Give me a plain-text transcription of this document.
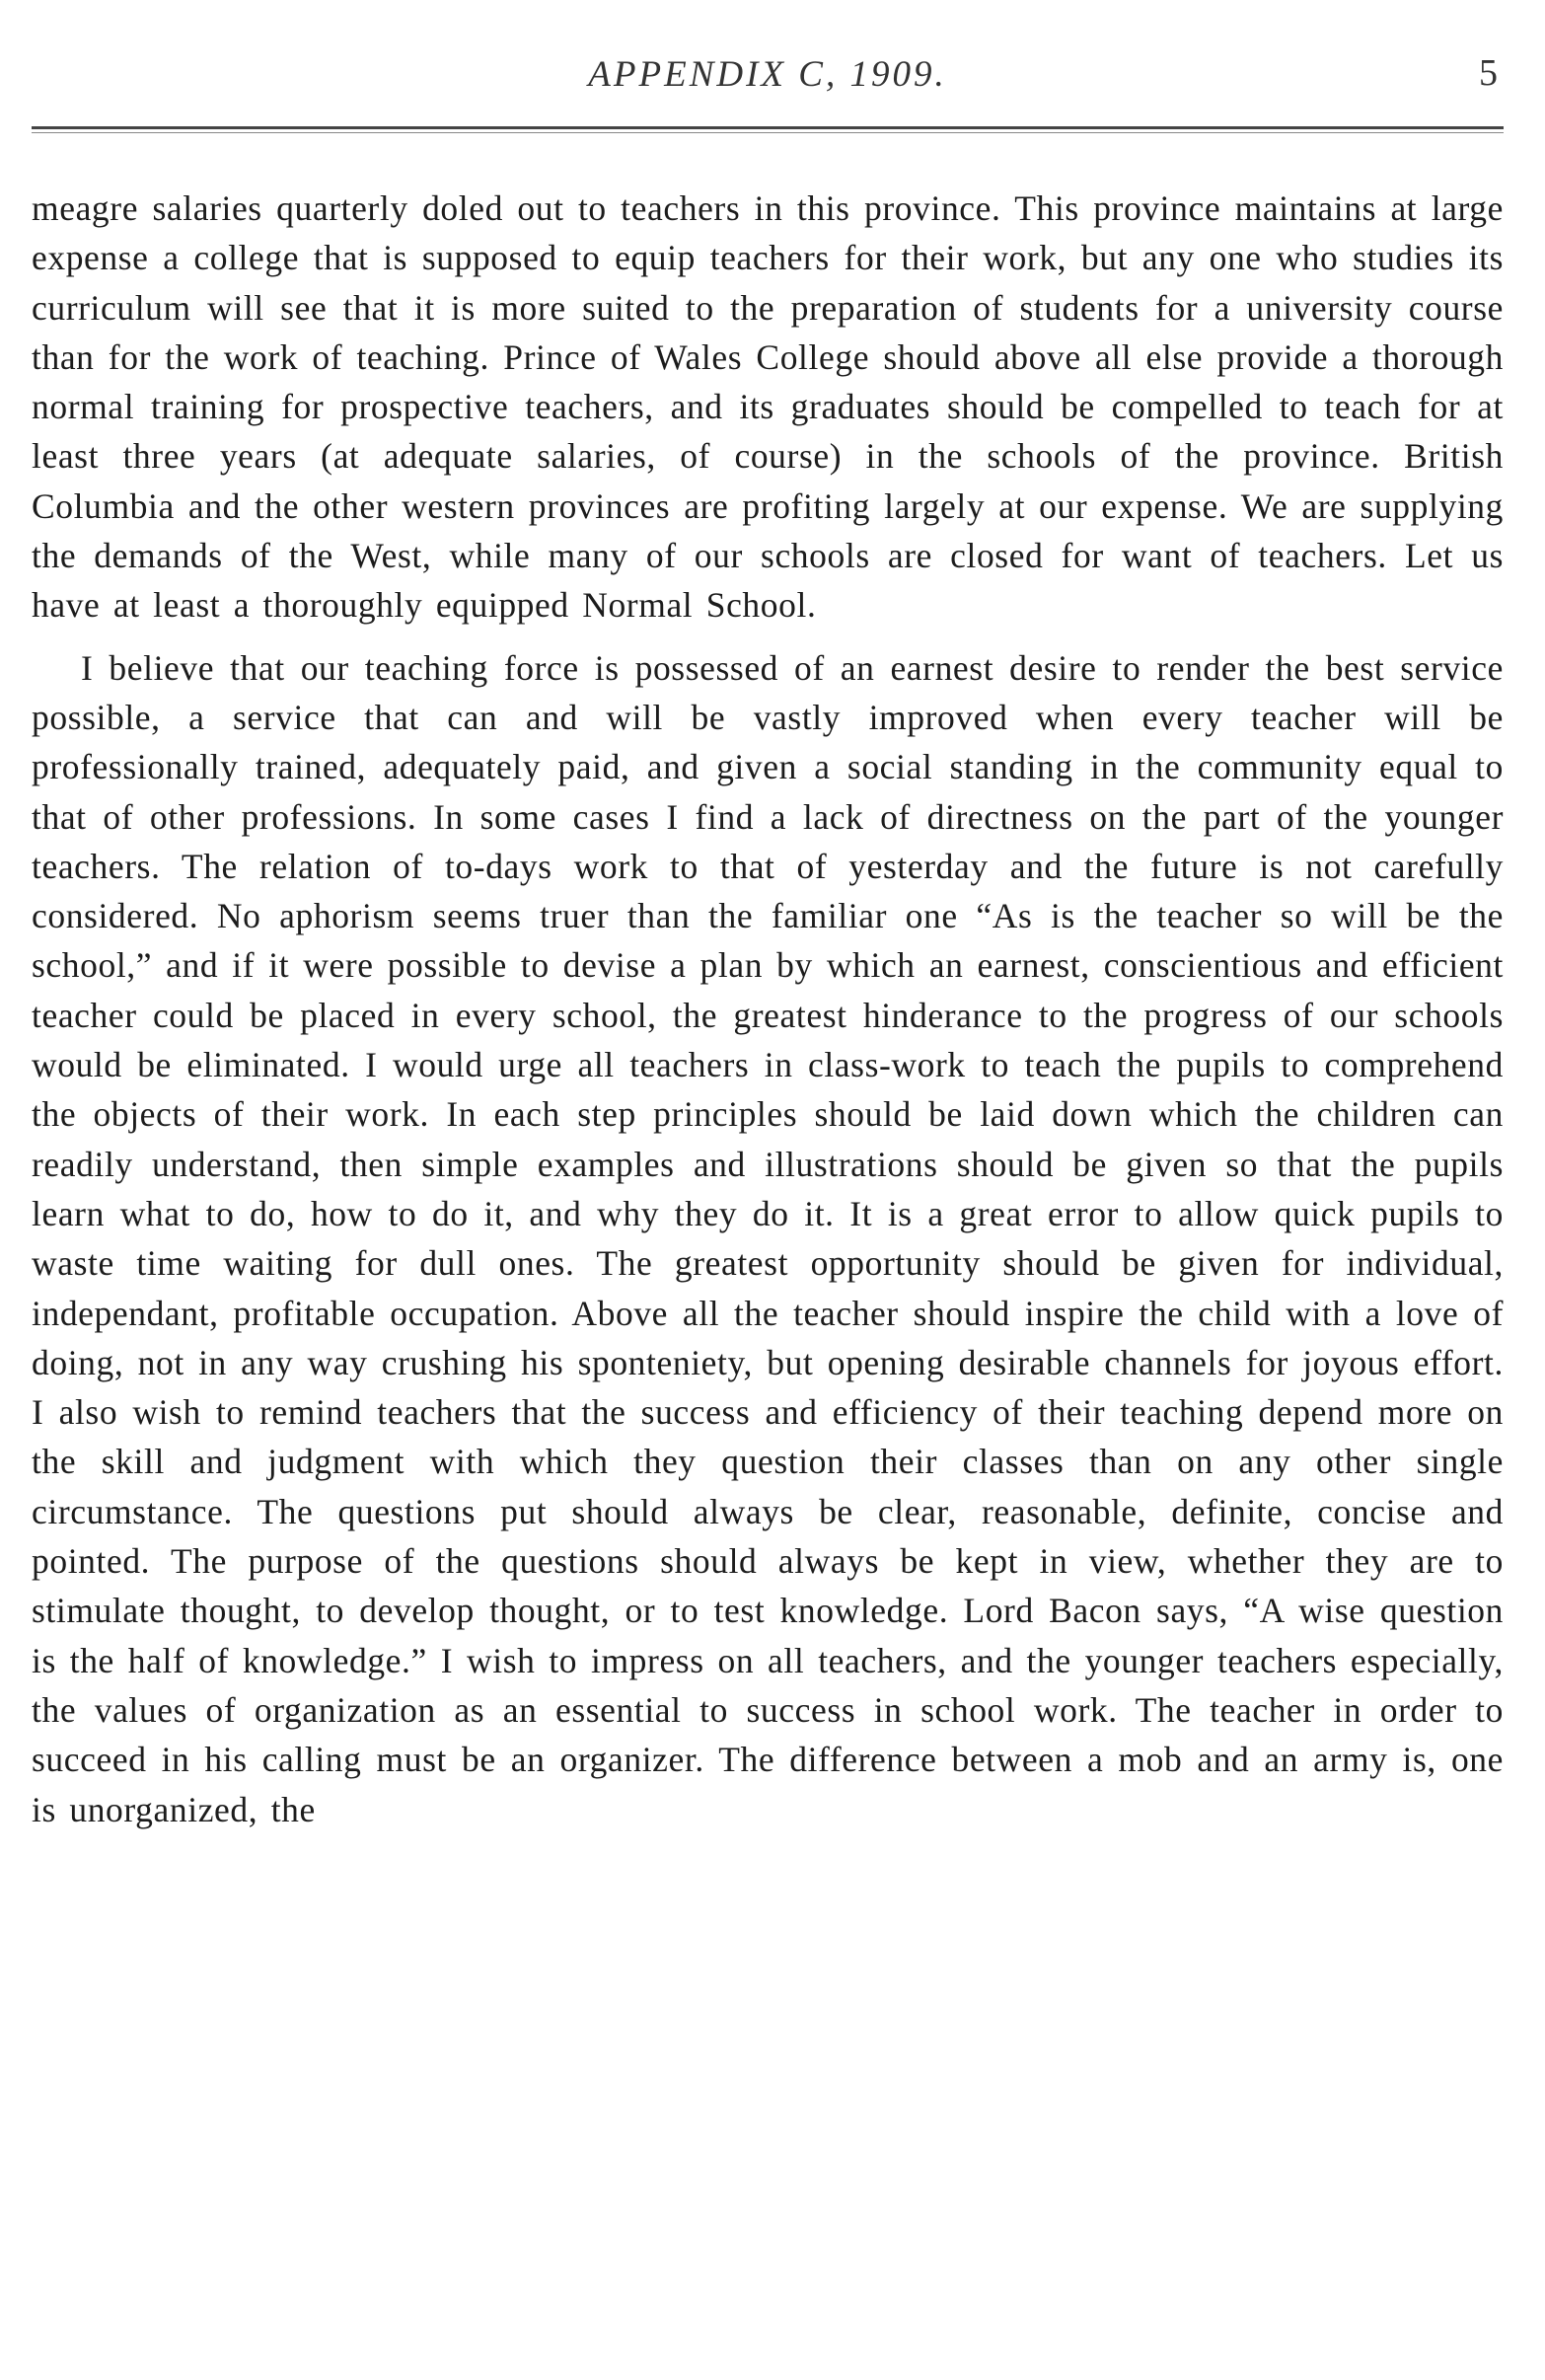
APPENDIX C, 1909.	5

meagre salaries quarterly doled out to teachers in this province. This province maintains at large expense a college that is supposed to equip teachers for their work, but any one who studies its curriculum will see that it is more suited to the preparation of students for a university course than for the work of teaching. Prince of Wales College should above all else provide a thorough normal training for prospective teachers, and its graduates should be compelled to teach for at least three years (at adequate salaries, of course) in the schools of the province. British Columbia and the other western provinces are profiting largely at our expense. We are supplying the demands of the West, while many of our schools are closed for want of teachers. Let us have at least a thoroughly equipped Normal School.

I believe that our teaching force is possessed of an earnest desire to render the best service possible, a service that can and will be vastly improved when every teacher will be professionally trained, adequately paid, and given a social standing in the community equal to that of other professions. In some cases I find a lack of directness on the part of the younger teachers. The relation of to-days work to that of yesterday and the future is not carefully considered. No aphorism seems truer than the familiar one “As is the teacher so will be the school,” and if it were possible to devise a plan by which an earnest, conscientious and efficient teacher could be placed in every school, the greatest hinderance to the progress of our schools would be eliminated. I would urge all teachers in class-work to teach the pupils to comprehend the objects of their work. In each step principles should be laid down which the children can readily understand, then simple examples and illustrations should be given so that the pupils learn what to do, how to do it, and why they do it. It is a great error to allow quick pupils to waste time waiting for dull ones. The greatest opportunity should be given for individual, independant, profitable occupation. Above all the teacher should inspire the child with a love of doing, not in any way crushing his sponteniety, but opening desirable channels for joyous effort. I also wish to remind teachers that the success and efficiency of their teaching depend more on the skill and judgment with which they question their classes than on any other single circumstance. The questions put should always be clear, reasonable, definite, concise and pointed. The purpose of the questions should always be kept in view, whether they are to stimulate thought, to develop thought, or to test knowledge. Lord Bacon says, “A wise question is the half of knowledge.” I wish to impress on all teachers, and the younger teachers especially, the values of organization as an essential to success in school work. The teacher in order to succeed in his calling must be an organizer. The difference between a mob and an army is, one is unorganized, the
